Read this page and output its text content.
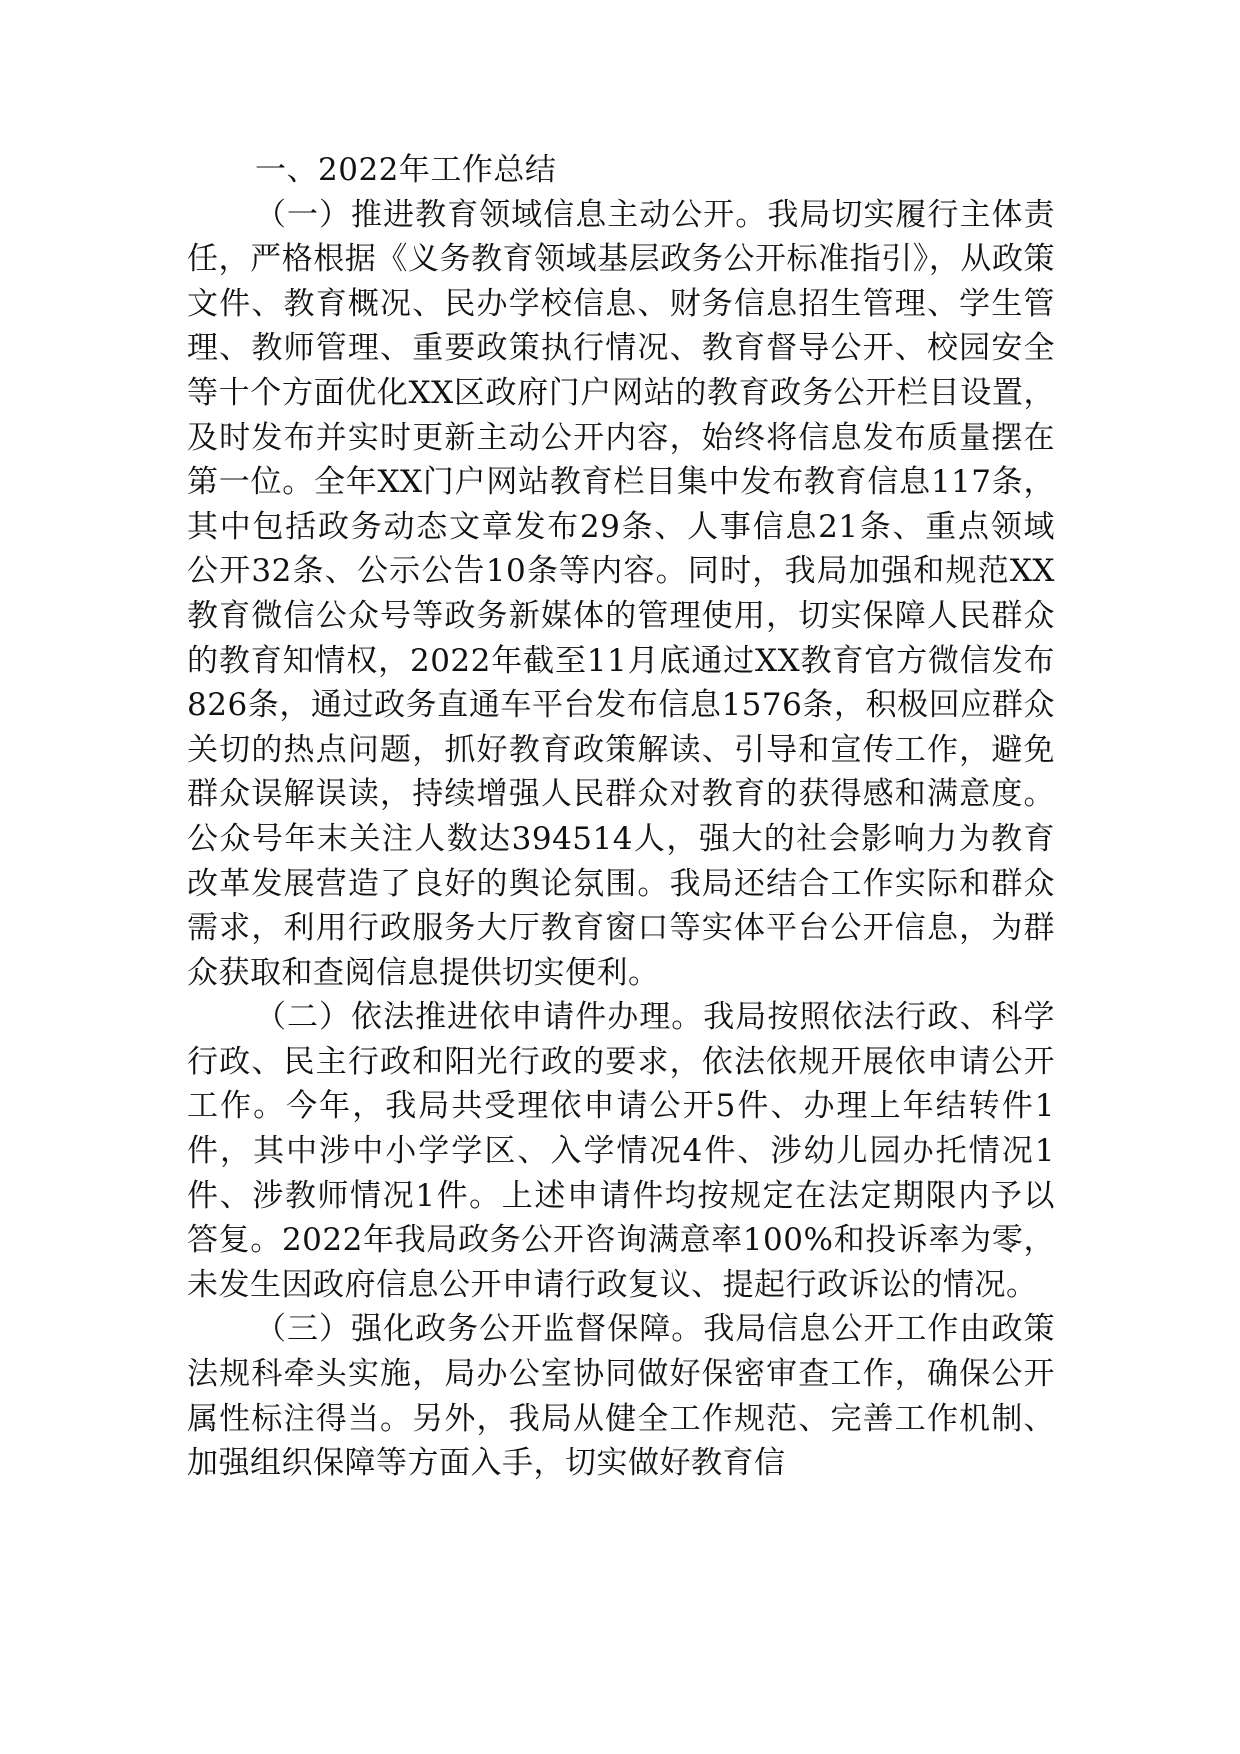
一、2022年工作总结

（一）推进教育领域信息主动公开。我局切实履行主体责任，严格根据《义务教育领域基层政务公开标准指引》，从政策文件、教育概况、民办学校信息、财务信息招生管理、学生管理、教师管理、重要政策执行情况、教育督导公开、校园安全等十个方面优化XX区政府门户网站的教育政务公开栏目设置，及时发布并实时更新主动公开内容，始终将信息发布质量摆在第一位。全年XX门户网站教育栏目集中发布教育信息117条，其中包括政务动态文章发布29条、人事信息21条、重点领域公开32条、公示公告10条等内容。同时，我局加强和规范XX教育微信公众号等政务新媒体的管理使用，切实保障人民群众的教育知情权，2022年截至11月底通过XX教育官方微信发布826条，通过政务直通车平台发布信息1576条，积极回应群众关切的热点问题，抓好教育政策解读、引导和宣传工作，避免群众误解误读，持续增强人民群众对教育的获得感和满意度。公众号年末关注人数达394514人，强大的社会影响力为教育改革发展营造了良好的舆论氛围。我局还结合工作实际和群众需求，利用行政服务大厅教育窗口等实体平台公开信息，为群众获取和查阅信息提供切实便利。

（二）依法推进依申请件办理。我局按照依法行政、科学行政、民主行政和阳光行政的要求，依法依规开展依申请公开工作。今年，我局共受理依申请公开5件、办理上年结转件1件，其中涉中小学学区、入学情况4件、涉幼儿园办托情况1件、涉教师情况1件。上述申请件均按规定在法定期限内予以答复。2022年我局政务公开咨询满意率100%和投诉率为零，未发生因政府信息公开申请行政复议、提起行政诉讼的情况。

（三）强化政务公开监督保障。我局信息公开工作由政策法规科牵头实施，局办公室协同做好保密审查工作，确保公开属性标注得当。另外，我局从健全工作规范、完善工作机制、加强组织保障等方面入手，切实做好教育信
